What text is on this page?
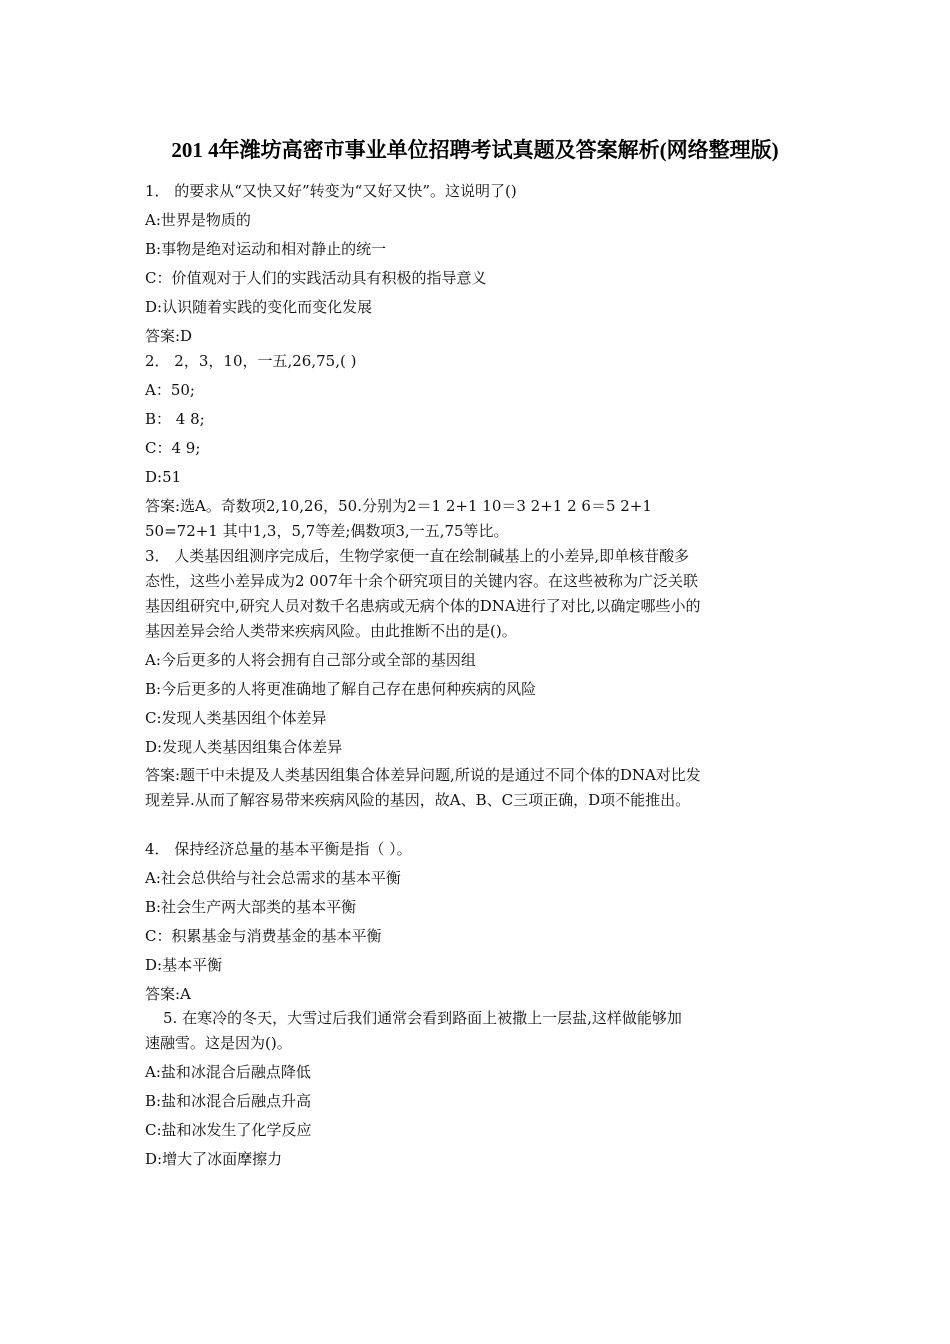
201 4年潍坊高密市事业单位招聘考试真题及答案解析(网络整理版)
1． 的要求从“又快又好”转变为“又好又快”。这说明了()
A:世界是物质的
B:事物是绝对运动和相对静止的统一
C：价值观对于人们的实践活动具有积极的指导意义
D:认识随着实践的变化而变化发展
答案:D
2． 2，3，10，一五,26,75,( )
A：50;
B： 4 8;
C：4 9;
D:51
答案:选A。奇数项2,10,26，50.分别为2＝1 2+1 10＝3 2+1 2 6＝5 2+1
50=72+1 其中1,3，5,7等差;偶数项3,一五,75等比。
3． 人类基因组测序完成后，生物学家便一直在绘制碱基上的小差异,即单核苷酸多
态性，这些小差异成为2 007年十余个研究项目的关键内容。在这些被称为广泛关联
基因组研究中,研究人员对数千名患病或无病个体的DNA进行了对比,以确定哪些小的
基因差异会给人类带来疾病风险。由此推断不出的是()。
A:今后更多的人将会拥有自己部分或全部的基因组
B:今后更多的人将更准确地了解自己存在患何种疾病的风险
C:发现人类基因组个体差异
D:发现人类基因组集合体差异
答案:题干中未提及人类基因组集合体差异问题,所说的是通过不同个体的DNA对比发
现差异.从而了解容易带来疾病风险的基因，故A、B、C三项正确，D项不能推出。
4． 保持经济总量的基本平衡是指（ ）。
A:社会总供给与社会总需求的基本平衡
B:社会生产两大部类的基本平衡
C：积累基金与消费基金的基本平衡
D:基本平衡
答案:A
5. 在寒冷的冬天，大雪过后我们通常会看到路面上被撒上一层盐,这样做能够加
速融雪。这是因为()。
A:盐和冰混合后融点降低
B:盐和冰混合后融点升高
C:盐和冰发生了化学反应
D:增大了冰面摩擦力
